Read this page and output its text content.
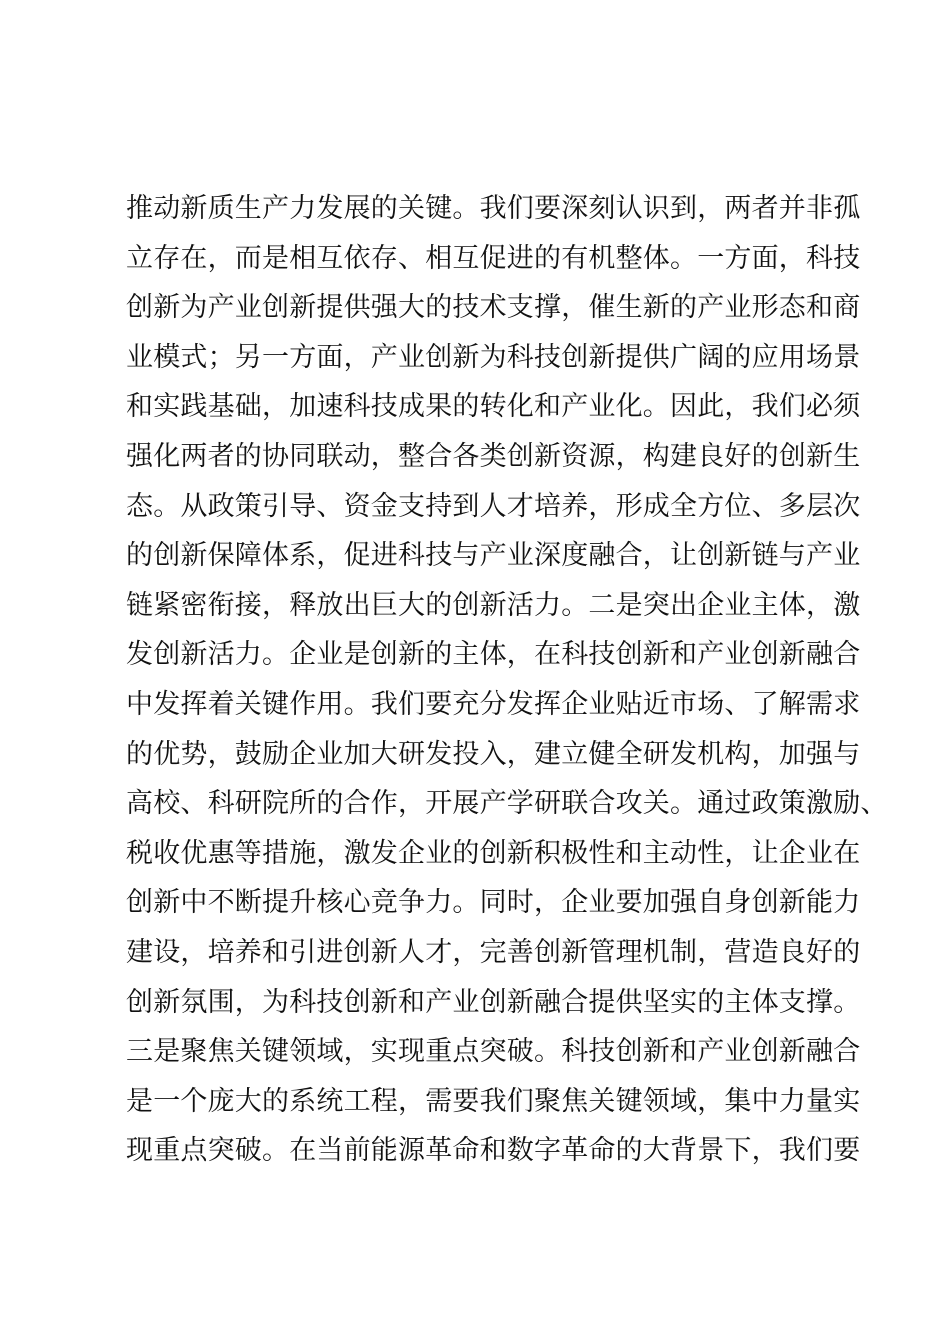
推动新质生产力发展的关键。我们要深刻认识到，两者并非孤
立存在，而是相互依存、相互促进的有机整体。一方面，科技
创新为产业创新提供强大的技术支撑，催生新的产业形态和商
业模式；另一方面，产业创新为科技创新提供广阔的应用场景
和实践基础，加速科技成果的转化和产业化。因此，我们必须
强化两者的协同联动，整合各类创新资源，构建良好的创新生
态。从政策引导、资金支持到人才培养，形成全方位、多层次
的创新保障体系，促进科技与产业深度融合，让创新链与产业
链紧密衔接，释放出巨大的创新活力。二是突出企业主体，激
发创新活力。企业是创新的主体，在科技创新和产业创新融合
中发挥着关键作用。我们要充分发挥企业贴近市场、了解需求
的优势，鼓励企业加大研发投入，建立健全研发机构，加强与
高校、科研院所的合作，开展产学研联合攻关。通过政策激励、
税收优惠等措施，激发企业的创新积极性和主动性，让企业在
创新中不断提升核心竞争力。同时，企业要加强自身创新能力
建设，培养和引进创新人才，完善创新管理机制，营造良好的
创新氛围，为科技创新和产业创新融合提供坚实的主体支撑。
三是聚焦关键领域，实现重点突破。科技创新和产业创新融合
是一个庞大的系统工程，需要我们聚焦关键领域，集中力量实
现重点突破。在当前能源革命和数字革命的大背景下，我们要
